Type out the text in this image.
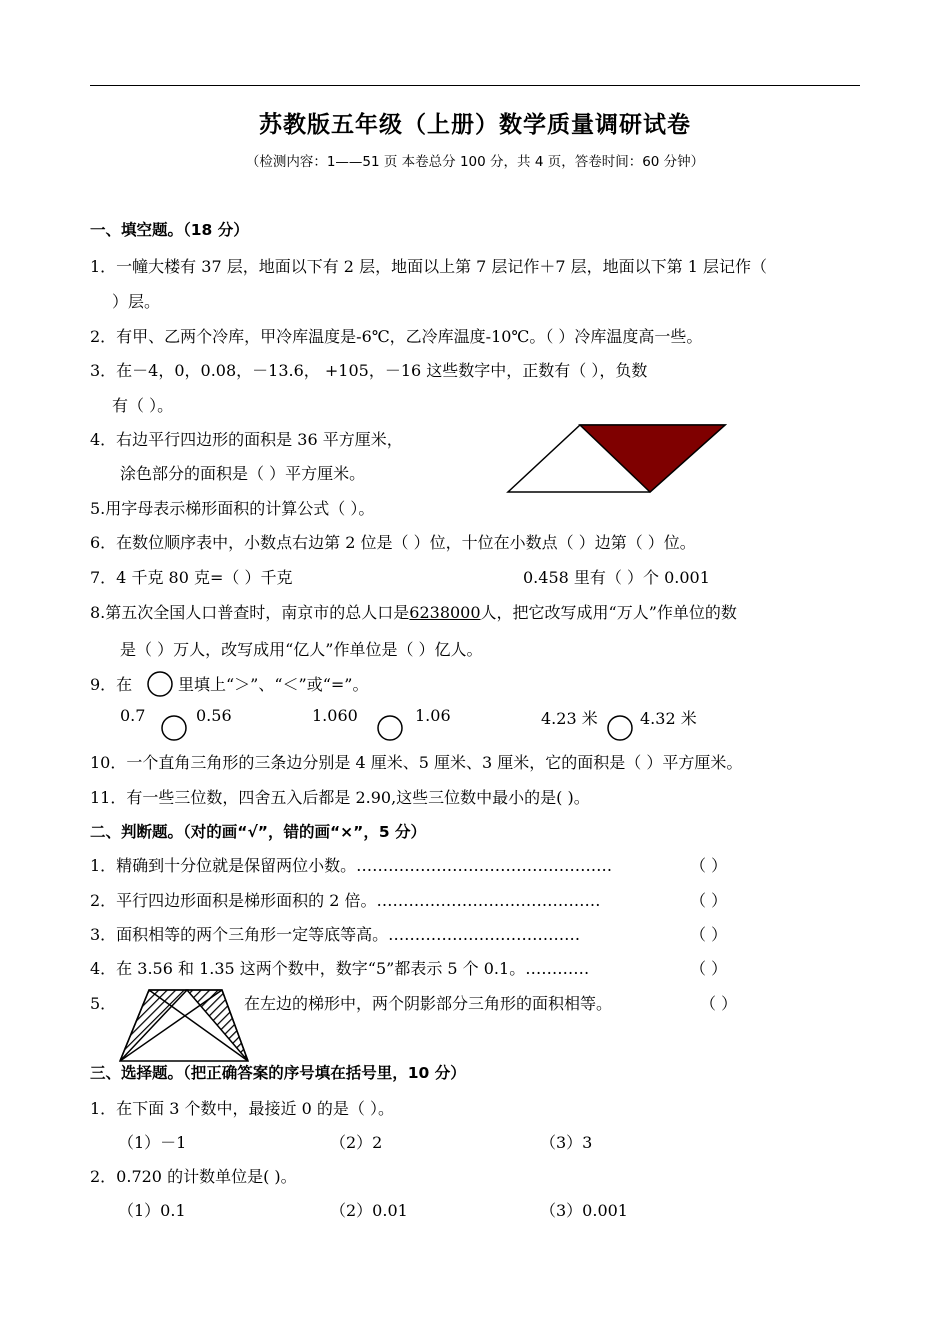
苏教版五年级（上册）数学质量调研试卷
（检测内容：1——51 页 本卷总分 100 分，共 4 页，答卷时间：60 分钟）
一、填空题。（18 分）
1．一幢大楼有 37 层，地面以下有 2 层，地面以上第 7 层记作＋7 层，地面以下第 1 层记作（
）层。
2．有甲、乙两个冷库，甲冷库温度是-6℃，乙冷库温度-10℃。（ ）冷库温度高一些。
3．在－4，0，0.08，－13.6， +105，－16 这些数字中，正数有（ ），负数
有（ ）。
4．右边平行四边形的面积是 36 平方厘米，
涂色部分的面积是（ ）平方厘米。
5.用字母表示梯形面积的计算公式（ ）。
6．在数位顺序表中，小数点右边第 2 位是（ ）位，十位在小数点（ ）边第（ ）位。
7．4 千克 80 克=（ ）千克	0.458 里有（ ）个 0.001
8.第五次全国人口普查时，南京市的总人口是6238000人，把它改写成用“万人”作单位的数
是（ ）万人，改写成用“亿人”作单位是（ ）亿人。
9．在	里填上“＞”、“＜”或“=”。
0.7	0.56	1.060	1.06	4.23 米	4.32 米
10．一个直角三角形的三条边分别是 4 厘米、5 厘米、3 厘米，它的面积是（ ）平方厘米。
11．有一些三位数，四舍五入后都是 2.90,这些三位数中最小的是( )。
二、判断题。（对的画“√”，错的画“×”，5 分）
1．精确到十分位就是保留两位小数。…………………………………………	（ ）
2．平行四边形面积是梯形面积的 2 倍。……………………………………	（ ）
3．面积相等的两个三角形一定等底等高。………………………………	（ ）
4．在 3.56 和 1.35 这两个数中，数字“5”都表示 5 个 0.1。…………	（ ）
5．	在左边的梯形中，两个阴影部分三角形的面积相等。	（ ）
三、选择题。（把正确答案的序号填在括号里，10 分）
1．在下面 3 个数中，最接近 0 的是（ ）。
（1）－1	（2）2	（3）3
2．0.720 的计数单位是( )。
（1）0.1	（2）0.01	（3）0.001
